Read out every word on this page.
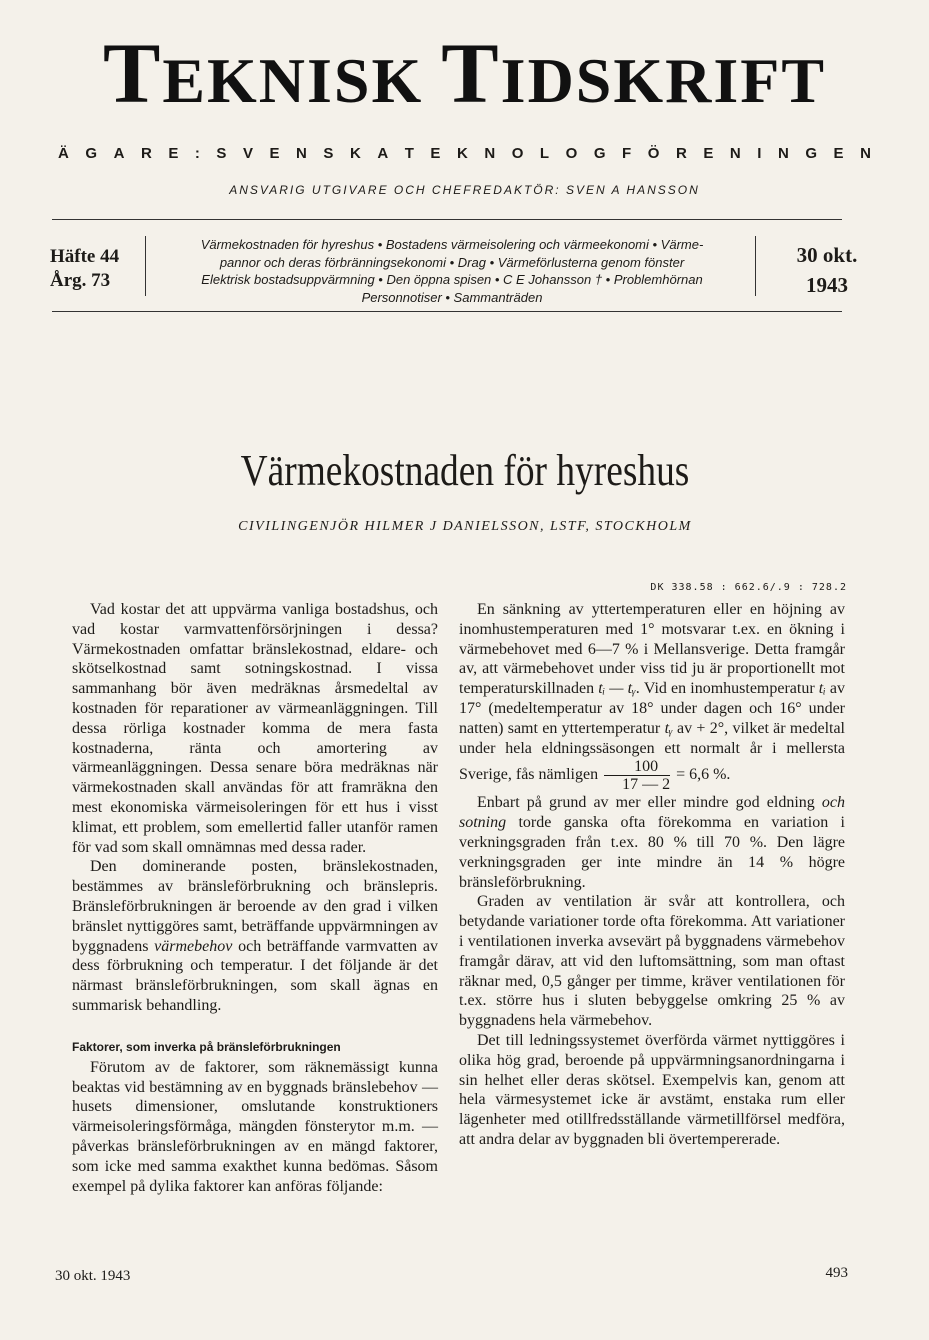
TEKNISK TIDSKRIFT
Ä G A R E : S V E N S K A T E K N O L O G F Ö R E N I N G E N
ANSVARIG UTGIVARE OCH CHEFREDAKTÖR: SVEN A HANSSON
Häfte 44
Årg. 73
Värmekostnaden för hyreshus • Bostadens värmeisolering och värmeekonomi • Värme-
pannor och deras förbränningsekonomi • Drag • Värmeförlusterna genom fönster
Elektrisk bostadsuppvärmning • Den öppna spisen • C E Johansson † • Problemhörnan
Personnotiser • Sammanträden
30 okt.
1943
Värmekostnaden för hyreshus
CIVILINGENJÖR HILMER J DANIELSSON, LSTF, STOCKHOLM
DK 338.58 : 662.6/.9 : 728.2

Vad kostar det att uppvärma vanliga bostadshus, och vad kostar varmvattenförsörjningen i dessa? Värmekostnaden omfattar bränslekostnad, eldare- och skötselkostnad samt sotningskostnad. I vissa sammanhang bör även medräknas årsmedeltal av kostnaden för reparationer av värmeanläggningen. Till dessa rörliga kostnader komma de mera fasta kostnaderna, ränta och amortering av värmeanläggningen. Dessa senare böra medräknas när värmekostnaden skall användas för att framräkna den mest ekonomiska värmeisoleringen för ett hus i visst klimat, ett problem, som emellertid faller utanför ramen för vad som skall omnämnas med dessa rader.

Den dominerande posten, bränslekostnaden, bestämmes av bränsleförbrukning och bränslepris. Bränsleförbrukningen är beroende av den grad i vilken bränslet nyttiggöres samt, beträffande uppvärmningen av byggnadens värmebehov och beträffande varmvatten av dess förbrukning och temperatur. I det följande är det närmast bränsleförbrukningen, som skall ägnas en summarisk behandling.

Faktorer, som inverka på bränsleförbrukningen

Förutom av de faktorer, som räknemässigt kunna beaktas vid bestämning av en byggnads bränslebehov — husets dimensioner, omslutande konstruktioners värmeisoleringsförmåga, mängden fönsterytor m.m. — påverkas bränsleförbrukningen av en mängd faktorer, som icke med samma exakthet kunna bedömas. Såsom exempel på dylika faktorer kan anföras följande:

En sänkning av yttertemperaturen eller en höjning av inomhustemperaturen med 1° motsvarar t.ex. en ökning i värmebehovet med 6—7 % i Mellansverige. Detta framgår av, att värmebehovet under viss tid ju är proportionellt mot temperaturskillnaden tᵢ — tᵧ. Vid en inomhustemperatur tᵢ av 17° (medeltemperatur av 18° under dagen och 16° under natten) samt en yttertemperatur tᵧ av + 2°, vilket är medeltal under hela eldningssäsongen ett normalt år i mellersta Sverige, fås nämligen $\frac{100}{17 — 2} = 6,6$ %.

Enbart på grund av mer eller mindre god eldning och sotning torde ganska ofta förekomma en variation i verkningsgraden från t.ex. 80 % till 70 %. Den lägre verkningsgraden ger inte mindre än 14 % högre bränsleförbrukning.

Graden av ventilation är svår att kontrollera, och betydande variationer torde ofta förekomma. Att variationer i ventilationen inverka avsevärt på byggnadens värmebehov framgår därav, att vid den luftomsättning, som man oftast räknar med, 0,5 gånger per timme, kräver ventilationen för t.ex. större hus i sluten bebyggelse omkring 25 % av byggnadens hela värmebehov.

Det till ledningssystemet överförda värmet nyttiggöres i olika hög grad, beroende på uppvärmningsanordningarna i sin helhet eller deras skötsel. Exempelvis kan, genom att hela värmesystemet icke är avstämt, enstaka rum eller lägenheter med otillfredsställande värmetillförsel medföra, att andra delar av byggnaden bli övertempererade.

30 okt. 1943	493
